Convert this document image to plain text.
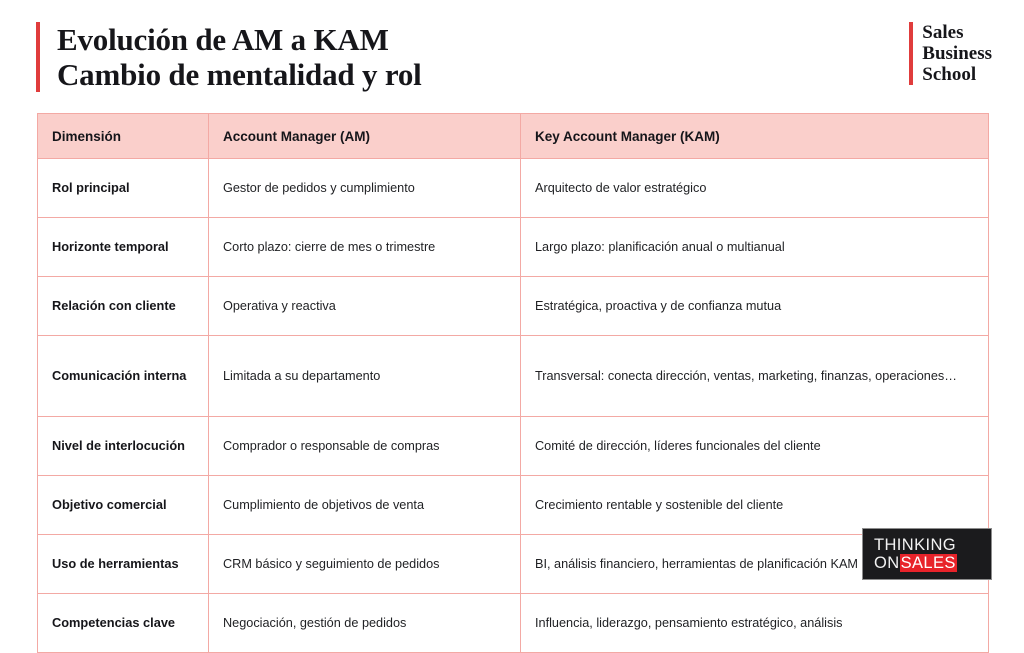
Evolución de AM a KAM
Cambio de mentalidad y rol
Sales
Business
School
Dimensión	Account Manager (AM)	Key Account Manager (KAM)
Rol principal	Gestor de pedidos y cumplimiento	Arquitecto de valor estratégico
Horizonte temporal	Corto plazo: cierre de mes o trimestre	Largo plazo: planificación anual o multianual
Relación con cliente	Operativa y reactiva	Estratégica, proactiva y de confianza mutua
Comunicación interna	Limitada a su departamento	Transversal: conecta dirección, ventas, marketing, finanzas, operaciones…
Nivel de interlocución	Comprador o responsable de compras	Comité de dirección, líderes funcionales del cliente
Objetivo comercial	Cumplimiento de objetivos de venta	Crecimiento rentable y sostenible del cliente
Uso de herramientas	CRM básico y seguimiento de pedidos	BI, análisis financiero, herramientas de planificación KAM
Competencias clave	Negociación, gestión de pedidos	Influencia, liderazgo, pensamiento estratégico, análisis
THINKING
ONSALES
